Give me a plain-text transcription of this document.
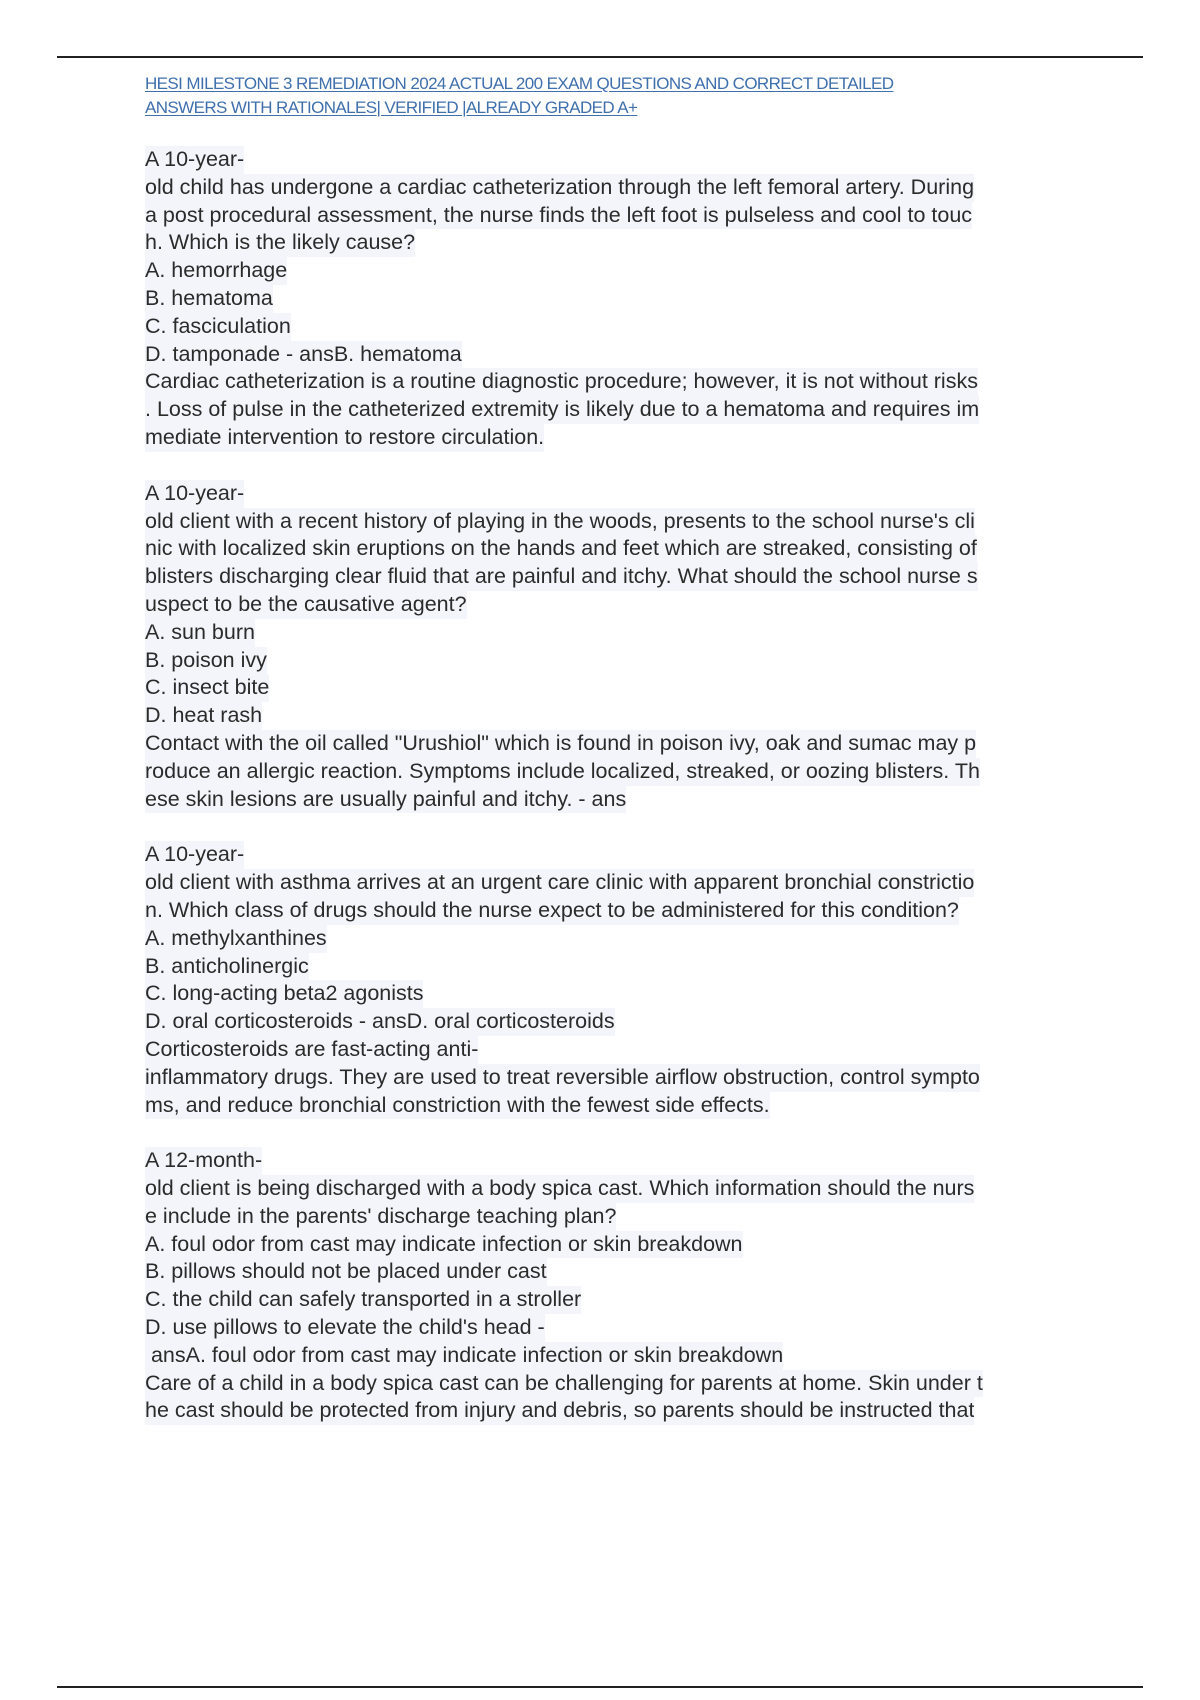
HESI MILESTONE 3 REMEDIATION 2024 ACTUAL 200 EXAM QUESTIONS AND CORRECT DETAILED
ANSWERS WITH RATIONALES| VERIFIED |ALREADY GRADED A+
A 10-year-
old child has undergone a cardiac catheterization through the left femoral artery. During
a post procedural assessment, the nurse finds the left foot is pulseless and cool to touc
h. Which is the likely cause?
A. hemorrhage
B. hematoma
C. fasciculation
D. tamponade - ansB. hematoma
Cardiac catheterization is a routine diagnostic procedure; however, it is not without risks
. Loss of pulse in the catheterized extremity is likely due to a hematoma and requires im
mediate intervention to restore circulation.
A 10-year-
old client with a recent history of playing in the woods, presents to the school nurse's cli
nic with localized skin eruptions on the hands and feet which are streaked, consisting of
blisters discharging clear fluid that are painful and itchy. What should the school nurse s
uspect to be the causative agent?
A. sun burn
B. poison ivy
C. insect bite
D. heat rash
Contact with the oil called "Urushiol" which is found in poison ivy, oak and sumac may p
roduce an allergic reaction. Symptoms include localized, streaked, or oozing blisters. Th
ese skin lesions are usually painful and itchy. - ans
A 10-year-
old client with asthma arrives at an urgent care clinic with apparent bronchial constrictio
n. Which class of drugs should the nurse expect to be administered for this condition?
A. methylxanthines
B. anticholinergic
C. long-acting beta2 agonists
D. oral corticosteroids - ansD. oral corticosteroids
Corticosteroids are fast-acting anti-
inflammatory drugs. They are used to treat reversible airflow obstruction, control sympto
ms, and reduce bronchial constriction with the fewest side effects.
A 12-month-
old client is being discharged with a body spica cast. Which information should the nurs
e include in the parents' discharge teaching plan?
A. foul odor from cast may indicate infection or skin breakdown
B. pillows should not be placed under cast
C. the child can safely transported in a stroller
D. use pillows to elevate the child's head -
ansA. foul odor from cast may indicate infection or skin breakdown
Care of a child in a body spica cast can be challenging for parents at home. Skin under t
he cast should be protected from injury and debris, so parents should be instructed that
